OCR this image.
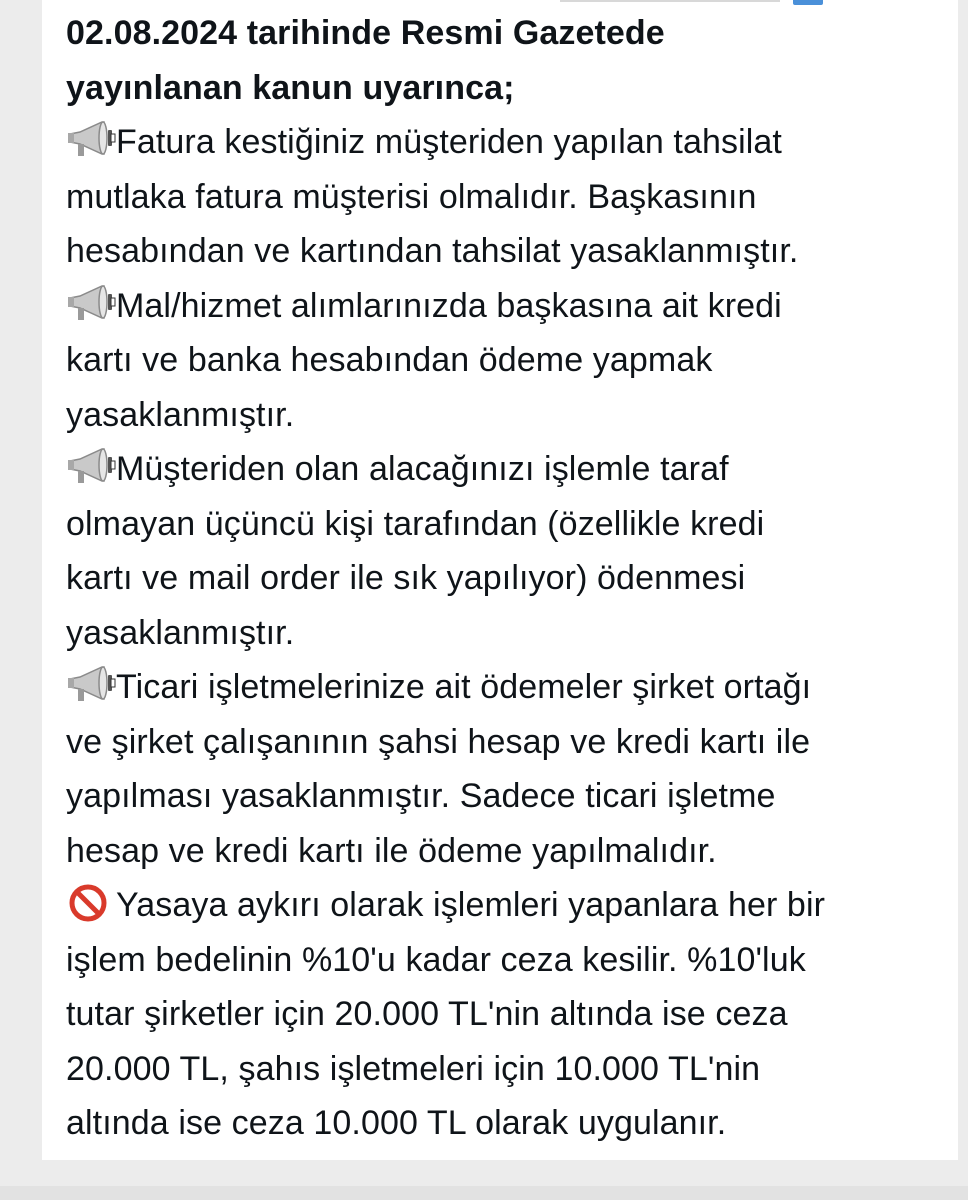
02.08.2024 tarihinde Resmi Gazetede
yayınlanan kanun uyarınca;
Fatura kestiğiniz müşteriden yapılan tahsilat
mutlaka fatura müşterisi olmalıdır. Başkasının
hesabından ve kartından tahsilat yasaklanmıştır.
Mal/hizmet alımlarınızda başkasına ait kredi
kartı ve banka hesabından ödeme yapmak
yasaklanmıştır.
Müşteriden olan alacağınızı işlemle taraf
olmayan üçüncü kişi tarafından (özellikle kredi
kartı ve mail order ile sık yapılıyor) ödenmesi
yasaklanmıştır.
Ticari işletmelerinize ait ödemeler şirket ortağı
ve şirket çalışanının şahsi hesap ve kredi kartı ile
yapılması yasaklanmıştır. Sadece ticari işletme
hesap ve kredi kartı ile ödeme yapılmalıdır.
Yasaya aykırı olarak işlemleri yapanlara her bir
işlem bedelinin %10'u kadar ceza kesilir. %10'luk
tutar şirketler için 20.000 TL'nin altında ise ceza
20.000 TL, şahıs işletmeleri için 10.000 TL'nin
altında ise ceza 10.000 TL olarak uygulanır.
